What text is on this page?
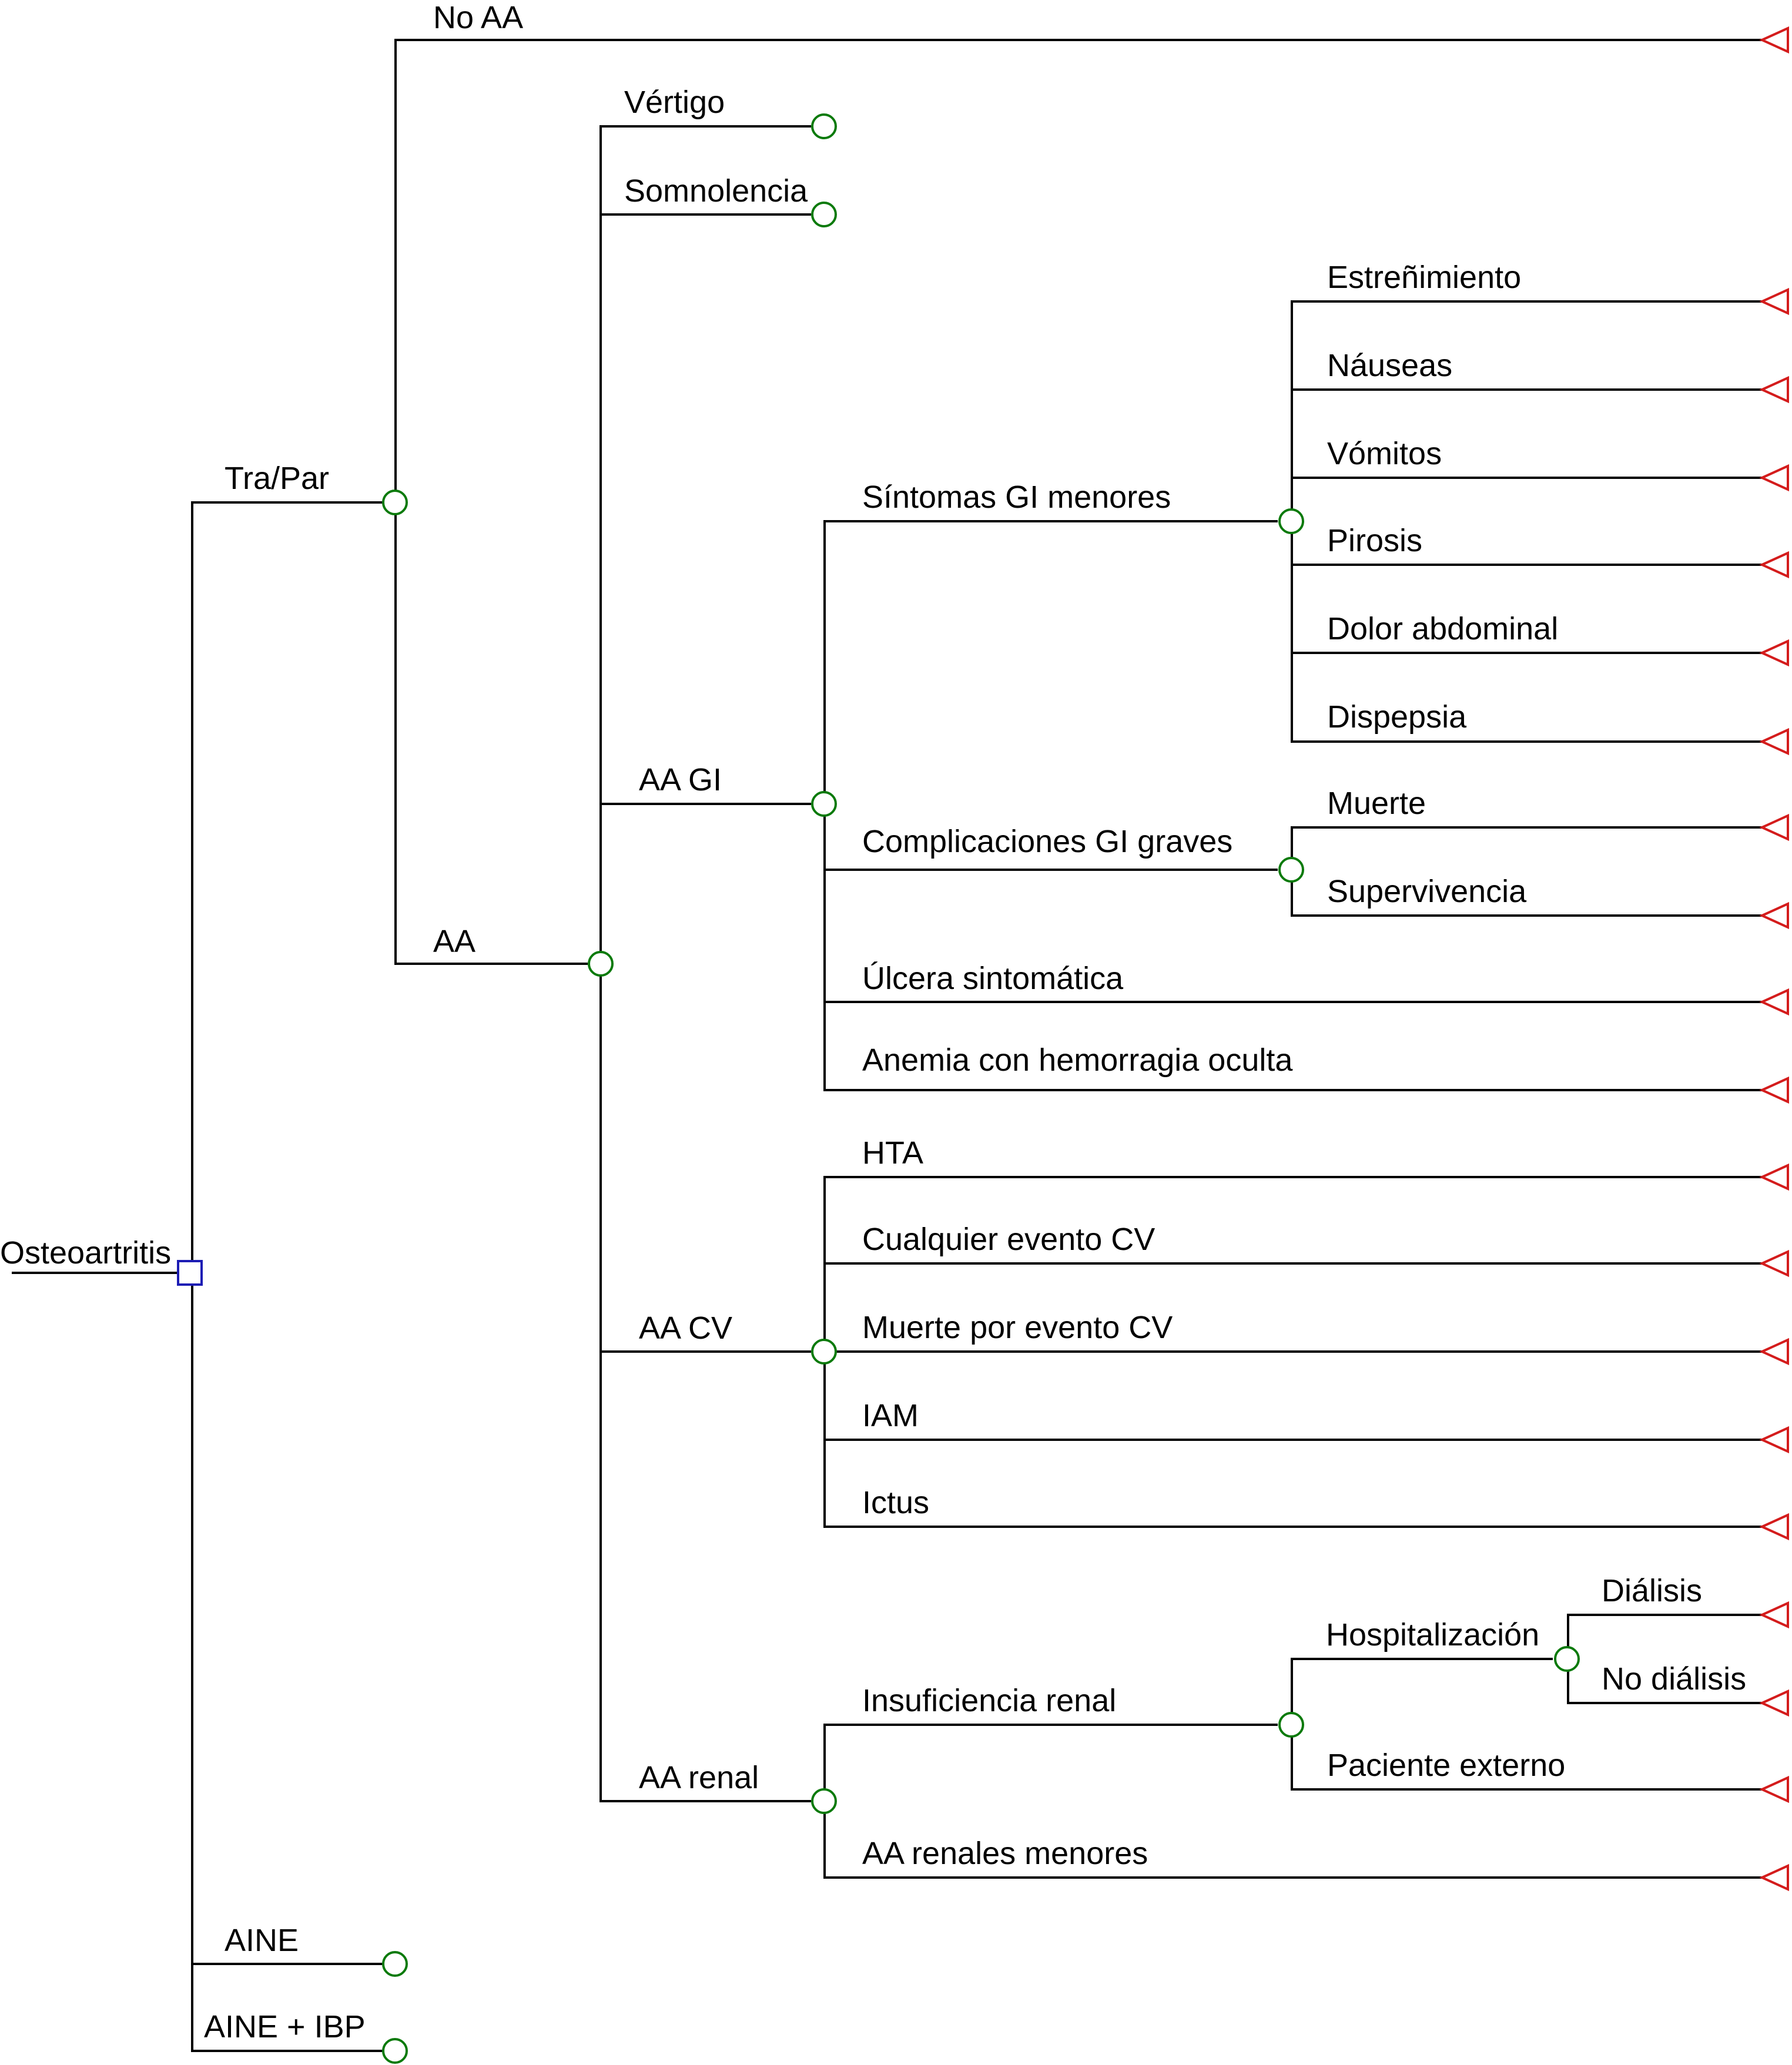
Osteoartritis
Tra/Par
AINE
AINE + IBP
No AA
AA
Vértigo
Somnolencia
AA GI
AA CV
AA renal
Síntomas GI menores
Complicaciones GI graves
Úlcera sintomática
Anemia con hemorragia oculta
Estreñimiento
Náuseas
Vómitos
Pirosis
Dolor abdominal
Dispepsia
Muerte
Supervivencia
HTA
Cualquier evento CV
Muerte por evento CV
IAM
Ictus
Insuficiencia renal
AA renales menores
Hospitalización
Paciente externo
Diálisis
No diálisis
